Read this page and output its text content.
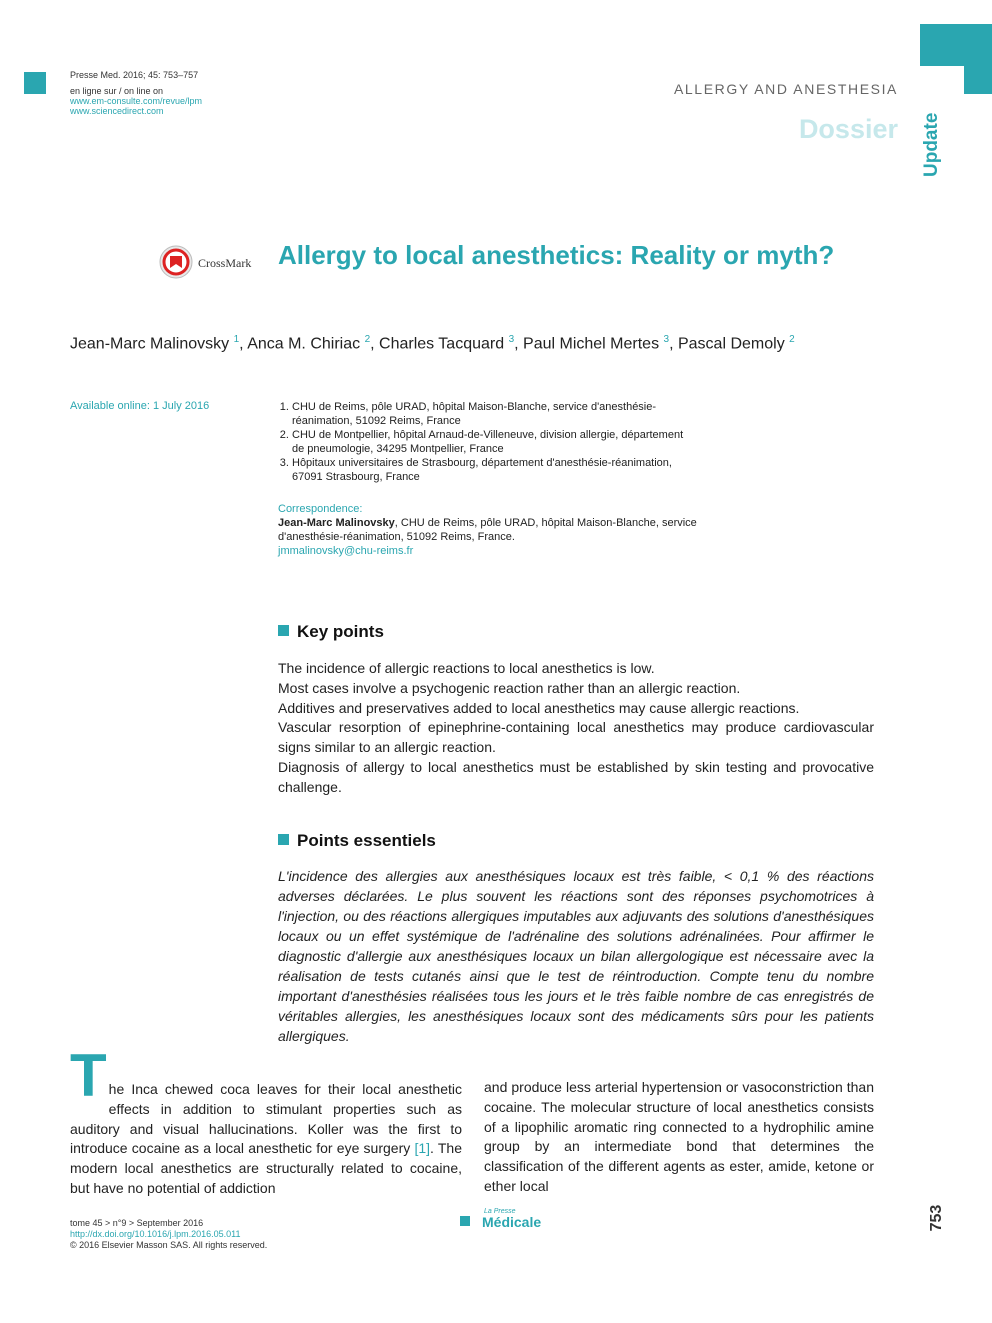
Presse Med. 2016; 45: 753–757
en ligne sur / on line on
www.em-consulte.com/revue/lpm
www.sciencedirect.com
ALLERGY AND ANESTHESIA
Dossier Update
CrossMark Allergy to local anesthetics: Reality or myth?
Jean-Marc Malinovsky $^1$, Anca M. Chiriac $^2$, Charles Tacquard $^3$, Paul Michel Mertes $^3$, Pascal Demoly $^2$
Available online: 1 July 2016
1.	CHU de Reims, pôle URAD, hôpital Maison-Blanche, service d'anesthésie-réanimation, 51092 Reims, France
2. CHU de Montpellier, hôpital Arnaud-de-Villeneuve, division allergie, département de pneumologie, 34295 Montpellier, France
3. Hôpitaux universitaires de Strasbourg, département d'anesthésie-réanimation, 67091 Strasbourg, France
Correspondence:
Jean-Marc Malinovsky, CHU de Reims, pôle URAD, hôpital Maison-Blanche, service d'anesthésie-réanimation, 51092 Reims, France.
jmmalinovsky@chu-reims.fr
Key points

The incidence of allergic reactions to local anesthetics is low.

Most cases involve a psychogenic reaction rather than an allergic reaction.

Additives and preservatives added to local anesthetics may cause allergic reactions.

Vascular resorption of epinephrine-containing local anesthetics may produce cardiovascular signs similar to an allergic reaction.

Diagnosis of allergy to local anesthetics must be established by skin testing and provocative challenge.

Points essentiels

L'incidence des allergies aux anesthésiques locaux est très faible, < 0,1 % des réactions adverses déclarées. Le plus souvent les réactions sont des réponses psychomotrices à l'injection, ou des réactions allergiques imputables aux adjuvants des solutions d'anesthésiques locaux ou un effet systémique de l'adrénaline des solutions adrénalinées. Pour affirmer le diagnostic d'allergie aux anesthésiques locaux un bilan allergologique est nécessaire avec la réalisation de tests cutanés ainsi que le test de réintroduction. Compte tenu du nombre important d'anesthésies réalisées tous les jours et le très faible nombre de cas enregistrés de véritables allergies, les anesthésiques locaux sont des médicaments sûrs pour les patients allergiques.

The Inca chewed coca leaves for their local anesthetic effects in addition to stimulant properties such as auditory and visual hallucinations. Koller was the first to introduce cocaine as a local anesthetic for eye surgery [1]. The modern local anesthetics are structurally related to cocaine, but have no potential of addiction

and produce less arterial hypertension or vasoconstriction than cocaine. The molecular structure of local anesthetics consists of a lipophilic aromatic ring connected to a hydrophilic amine group by an intermediate bond that determines the classification of the different agents as ester, amide, ketone or ether local

tome 45 > n°9 > September 2016
http://dx.doi.org/10.1016/j.lpm.2016.05.011
© 2016 Elsevier Masson SAS. All rights reserved.
La Presse
Médicale	753
